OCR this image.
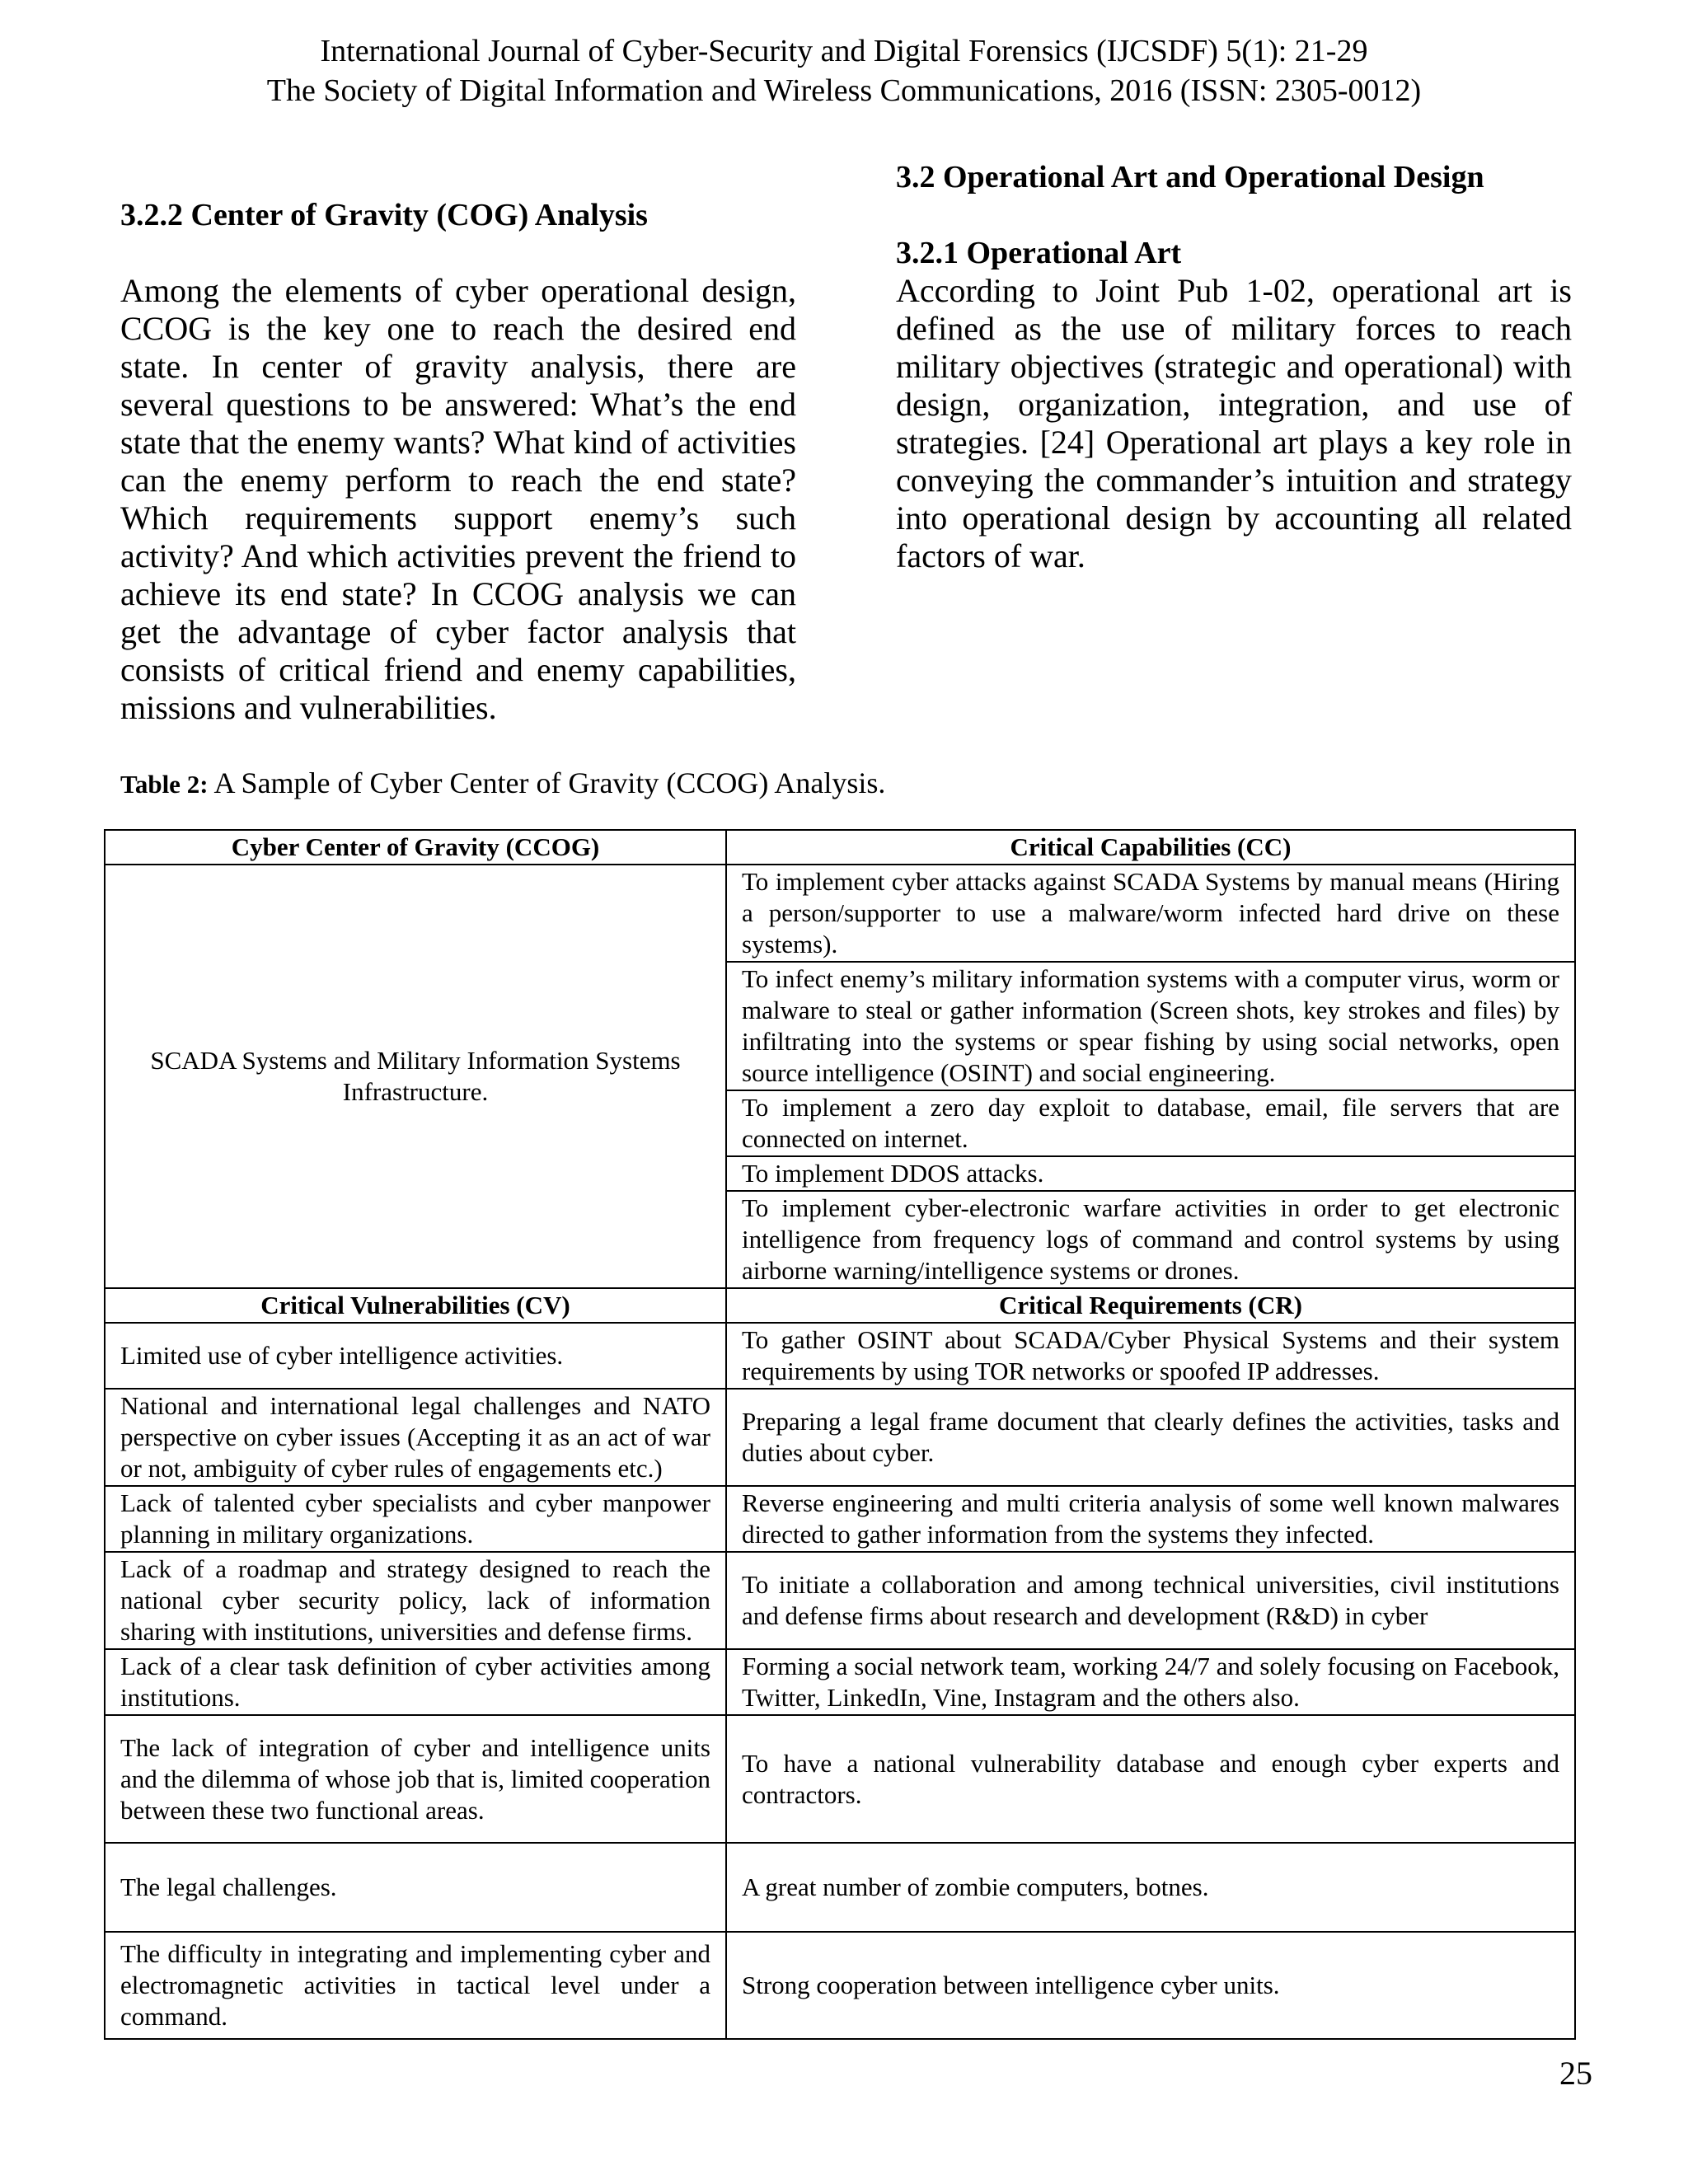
International Journal of Cyber-Security and Digital Forensics (IJCSDF) 5(1): 21-29
The Society of Digital Information and Wireless Communications, 2016 (ISSN: 2305-0012)
3.2.2 Center of Gravity (COG) Analysis

Among the elements of cyber operational design, CCOG is the key one to reach the desired end state. In center of gravity analysis, there are several questions to be answered: What’s the end state that the enemy wants? What kind of activities can the enemy perform to reach the end state? Which requirements support enemy’s such activity? And which activities prevent the friend to achieve its end state? In CCOG analysis we can get the advantage of cyber factor analysis that consists of critical friend and enemy capabilities, missions and vulnerabilities.

3.2 Operational Art and Operational Design
3.2.1 Operational Art

According to Joint Pub 1-02, operational art is defined as the use of military forces to reach military objectives (strategic and operational) with design, organization, integration, and use of strategies. [24] Operational art plays a key role in conveying the commander’s intuition and strategy into operational design by accounting all related factors of war.

Table 2: A Sample of Cyber Center of Gravity (CCOG) Analysis.
Cyber Center of Gravity (CCOG)	Critical Capabilities (CC)
SCADA Systems and Military Information Systems Infrastructure.	To implement cyber attacks against SCADA Systems by manual means (Hiring a person/supporter to use a malware/worm infected hard drive on these systems).
	To infect enemy’s military information systems with a computer virus, worm or malware to steal or gather information (Screen shots, key strokes and files) by infiltrating into the systems or spear fishing by using social networks, open source intelligence (OSINT) and social engineering.
	To implement a zero day exploit to database, email, file servers that are connected on internet.
	To implement DDOS attacks.
	To implement cyber-electronic warfare activities in order to get electronic intelligence from frequency logs of command and control systems by using airborne warning/intelligence systems or drones.
Critical Vulnerabilities (CV)	Critical Requirements (CR)
Limited use of cyber intelligence activities.	To gather OSINT about SCADA/Cyber Physical Systems and their system requirements by using TOR networks or spoofed IP addresses.
National and international legal challenges and NATO perspective on cyber issues (Accepting it as an act of war or not, ambiguity of cyber rules of engagements etc.)	Preparing a legal frame document that clearly defines the activities, tasks and duties about cyber.
Lack of talented cyber specialists and cyber manpower planning in military organizations.	Reverse engineering and multi criteria analysis of some well known malwares directed to gather information from the systems they infected.
Lack of a roadmap and strategy designed to reach the national cyber security policy, lack of information sharing with institutions, universities and defense firms.	To initiate a collaboration and among technical universities, civil institutions and defense firms about research and development (R&D) in cyber
Lack of a clear task definition of cyber activities among institutions.	Forming a social network team, working 24/7 and solely focusing on Facebook, Twitter, LinkedIn, Vine, Instagram and the others also.
The lack of integration of cyber and intelligence units and the dilemma of whose job that is, limited cooperation between these two functional areas.	To have a national vulnerability database and enough cyber experts and contractors.
The legal challenges.	A great number of zombie computers, botnes.
The difficulty in integrating and implementing cyber and electromagnetic activities in tactical level under a command.	Strong cooperation between intelligence cyber units.
25
